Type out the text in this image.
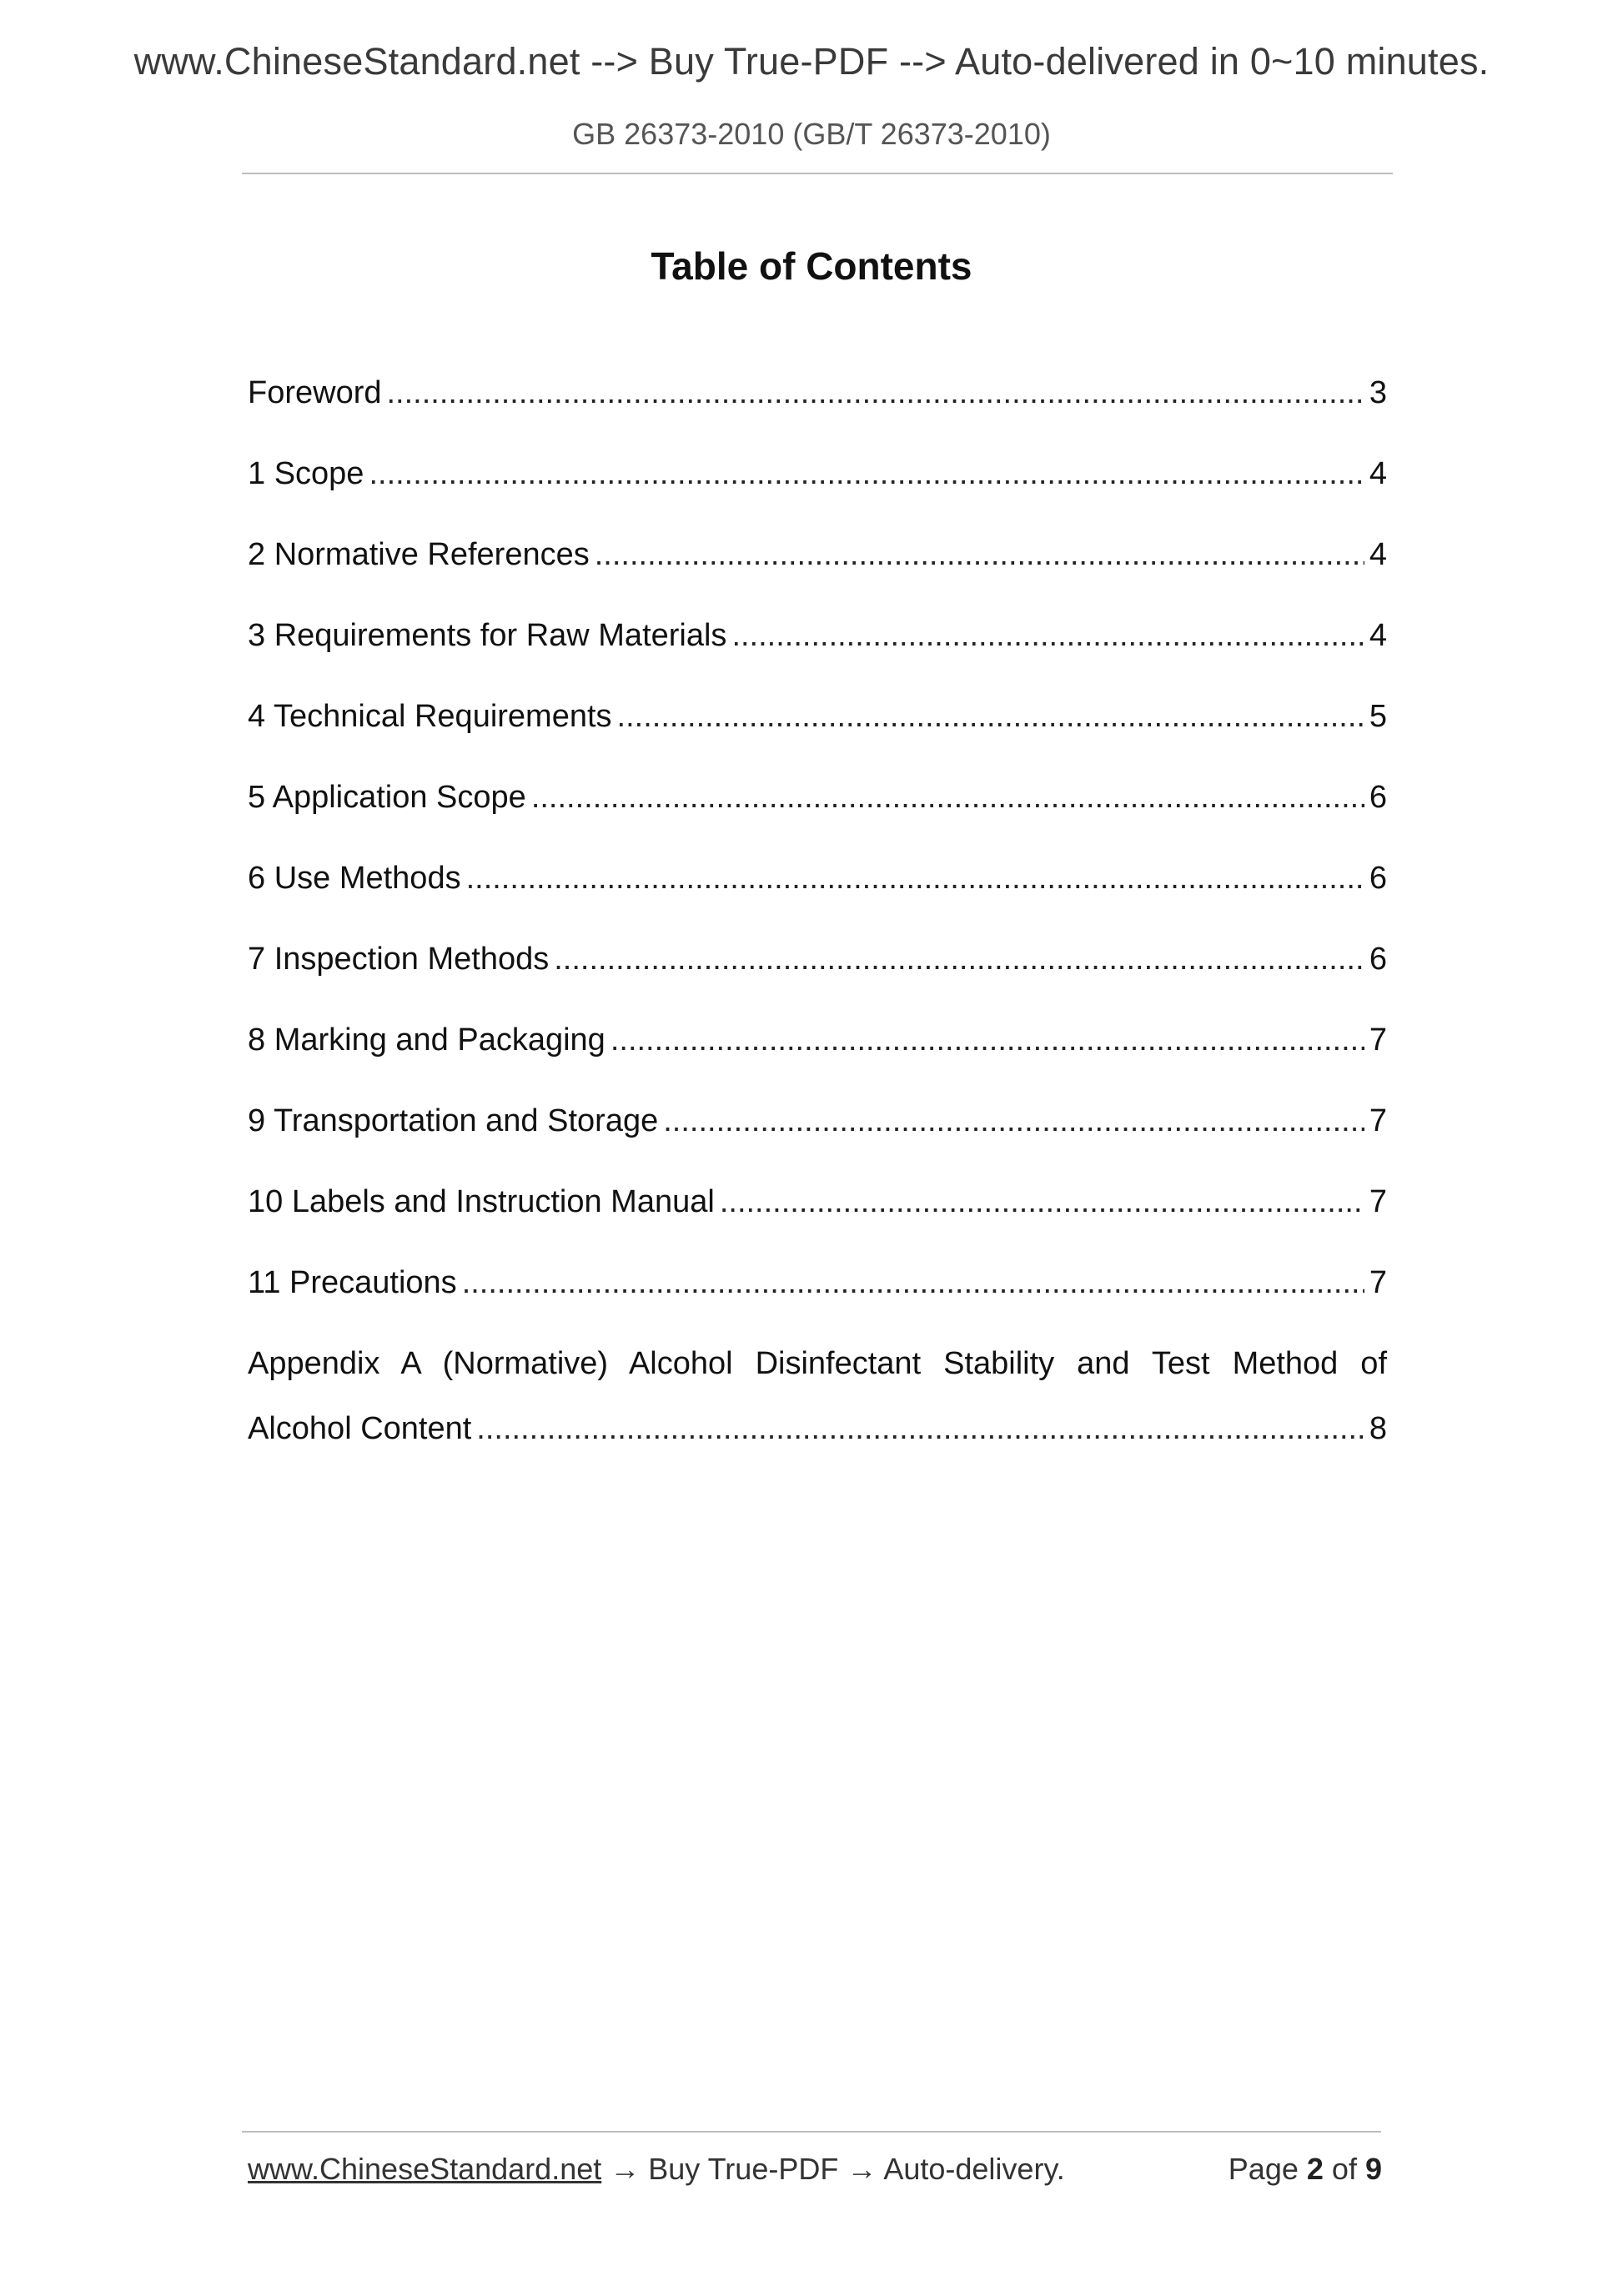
www.ChineseStandard.net --> Buy True-PDF --> Auto-delivered in 0~10 minutes.
GB 26373-2010 (GB/T 26373-2010)
Table of Contents
Foreword .....	3
1 Scope .....	4
2 Normative References .....	4
3 Requirements for Raw Materials .....	4
4 Technical Requirements .....	5
5 Application Scope .....	6
6 Use Methods .....	6
7 Inspection Methods .....	6
8 Marking and Packaging .....	7
9 Transportation and Storage .....	7
10 Labels and Instruction Manual .....	7
11 Precautions .....	7
Appendix A (Normative) Alcohol Disinfectant Stability and Test Method of
Alcohol Content .....	8
www.ChineseStandard.net → Buy True-PDF → Auto-delivery.	Page 2 of 9
